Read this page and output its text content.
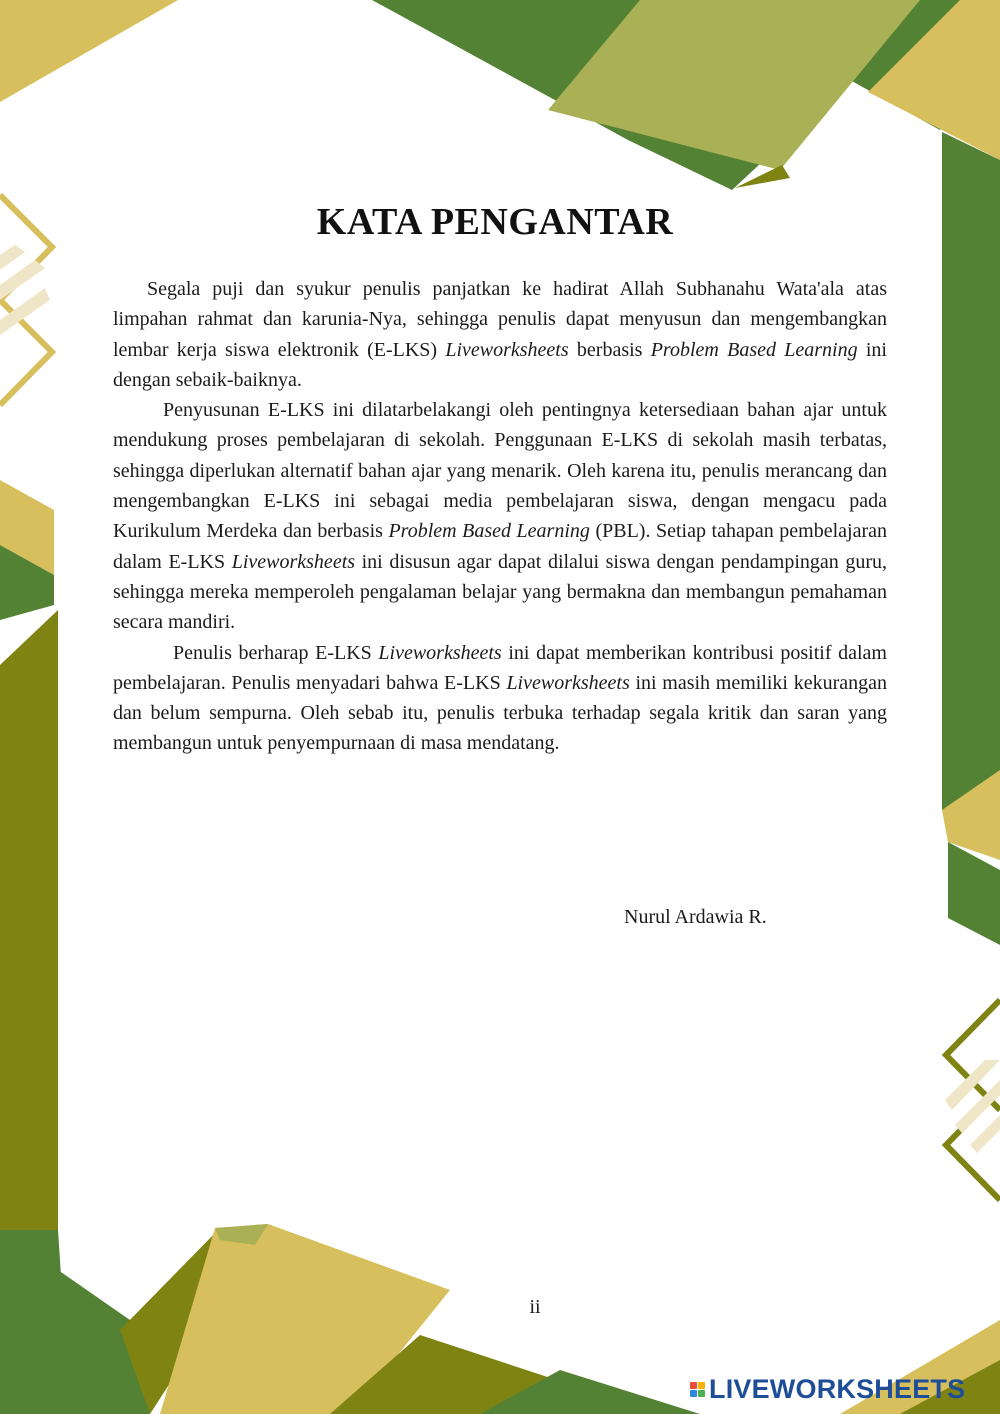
KATA PENGANTAR

Segala puji dan syukur penulis panjatkan ke hadirat Allah Subhanahu Wata'ala atas limpahan rahmat dan karunia-Nya, sehingga penulis dapat menyusun dan mengembangkan lembar kerja siswa elektronik (E-LKS) Liveworksheets berbasis Problem Based Learning ini dengan sebaik-baiknya.

Penyusunan E-LKS ini dilatarbelakangi oleh pentingnya ketersediaan bahan ajar untuk mendukung proses pembelajaran di sekolah. Penggunaan E-LKS di sekolah masih terbatas, sehingga diperlukan alternatif bahan ajar yang menarik. Oleh karena itu, penulis merancang dan mengembangkan E-LKS ini sebagai media pembelajaran siswa, dengan mengacu pada Kurikulum Merdeka dan berbasis Problem Based Learning (PBL). Setiap tahapan pembelajaran dalam E-LKS Liveworksheets ini disusun agar dapat dilalui siswa dengan pendampingan guru, sehingga mereka memperoleh pengalaman belajar yang bermakna dan membangun pemahaman secara mandiri.

Penulis berharap E-LKS Liveworksheets ini dapat memberikan kontribusi positif dalam pembelajaran. Penulis menyadari bahwa E-LKS Liveworksheets ini masih memiliki kekurangan dan belum sempurna. Oleh sebab itu, penulis terbuka terhadap segala kritik dan saran yang membangun untuk penyempurnaan di masa mendatang.

Nurul Ardawia R.
ii
LIVEWORKSHEETS
